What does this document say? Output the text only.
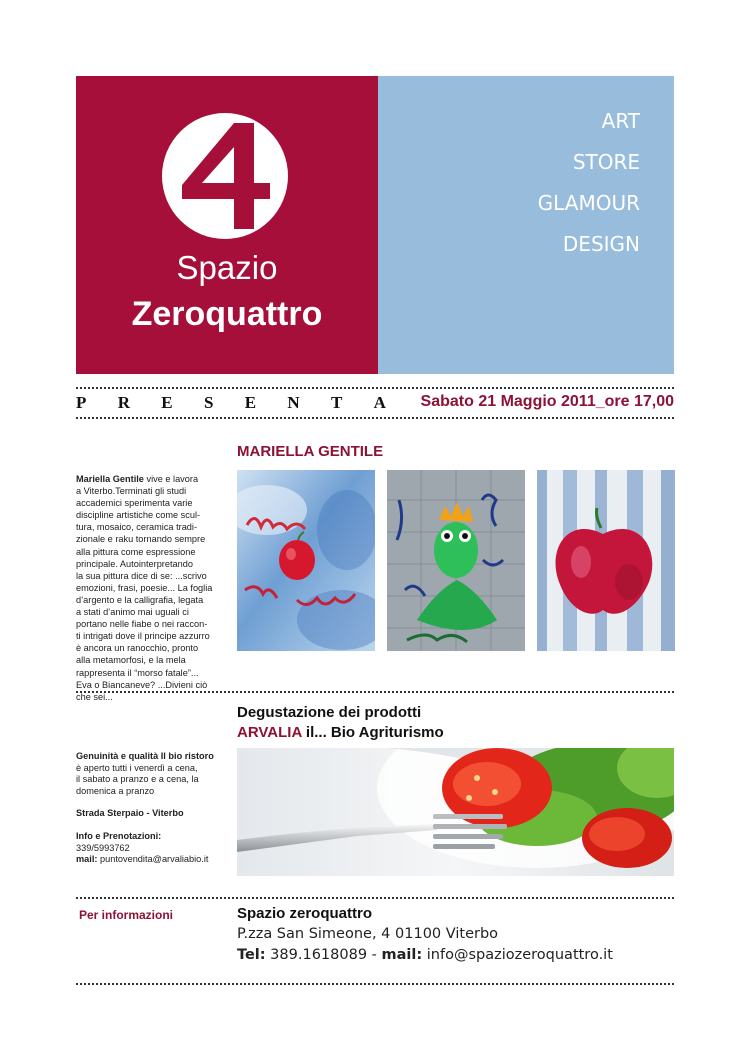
Spazio
Zeroquattro
ART
STORE
GLAMOUR
DESIGN
P R E S E N T A Sabato 21 Maggio 2011_ore 17,00
MARIELLA GENTILE
Mariella Gentile vive e lavora
a Viterbo.Terminati gli studi
accademici sperimenta varie
discipline artistiche come scul-
tura, mosaico, ceramica tradi-
zionale e raku tornando sempre
alla pittura come espressione
principale. Autointerpretando
la sua pittura dice di se: ...scrivo
emozioni, frasi, poesie... La foglia
d’argento e la calligrafia, legata
a stati d’animo mai uguali ci
portano nelle fiabe o nei raccon-
ti intrigati dove il principe azzurro
è ancora un ranocchio, pronto
alla metamorfosi, e la mela
rappresenta il “morso fatale”...
Eva o Biancaneve? ...Divieni ciò
che sei...
Degustazione dei prodotti
ARVALIA il... Bio Agriturismo
Genuinità e qualità Il bio ristoro
è aperto tutti i venerdì a cena,
il sabato a pranzo e a cena, la
domenica a pranzo
Strada Sterpaio - Viterbo
Info e Prenotazioni:
339/5993762
mail: puntovendita@arvaliabio.it
Per informazioni	Spazio zeroquattro
P.zza San Simeone, 4 01100 Viterbo
Tel: 389.1618089 - mail: info@spaziozeroquattro.it
